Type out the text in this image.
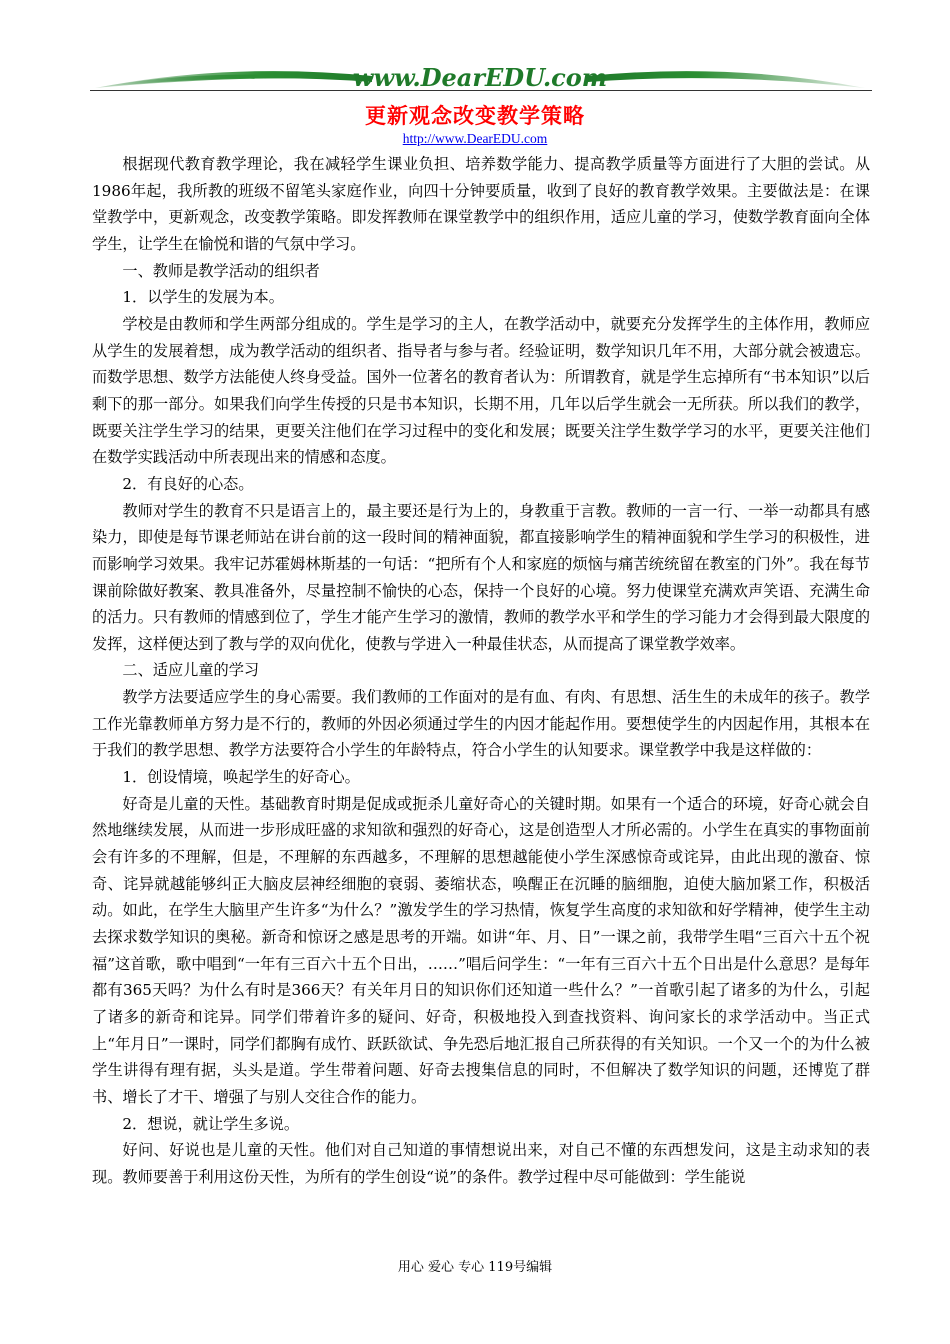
www.DearEDU.com
更新观念改变教学策略
http://www.DearEDU.com

根据现代教育教学理论，我在减轻学生课业负担、培养数学能力、提高教学质量等方面进行了大胆的尝试。从1986年起，我所教的班级不留笔头家庭作业，向四十分钟要质量，收到了良好的教育教学效果。主要做法是：在课堂教学中，更新观念，改变教学策略。即发挥教师在课堂教学中的组织作用，适应儿童的学习，使数学教育面向全体学生，让学生在愉悦和谐的气氛中学习。

一、教师是教学活动的组织者

1．以学生的发展为本。

学校是由教师和学生两部分组成的。学生是学习的主人，在教学活动中，就要充分发挥学生的主体作用，教师应从学生的发展着想，成为教学活动的组织者、指导者与参与者。经验证明，数学知识几年不用，大部分就会被遗忘。而数学思想、数学方法能使人终身受益。国外一位著名的教育者认为：所谓教育，就是学生忘掉所有“书本知识”以后剩下的那一部分。如果我们向学生传授的只是书本知识，长期不用，几年以后学生就会一无所获。所以我们的教学，既要关注学生学习的结果，更要关注他们在学习过程中的变化和发展；既要关注学生数学学习的水平，更要关注他们在数学实践活动中所表现出来的情感和态度。

2．有良好的心态。

教师对学生的教育不只是语言上的，最主要还是行为上的，身教重于言教。教师的一言一行、一举一动都具有感染力，即使是每节课老师站在讲台前的这一段时间的精神面貌，都直接影响学生的精神面貌和学生学习的积极性，进而影响学习效果。我牢记苏霍姆林斯基的一句话：“把所有个人和家庭的烦恼与痛苦统统留在教室的门外”。我在每节课前除做好教案、教具准备外，尽量控制不愉快的心态，保持一个良好的心境。努力使课堂充满欢声笑语、充满生命的活力。只有教师的情感到位了，学生才能产生学习的激情，教师的教学水平和学生的学习能力才会得到最大限度的发挥，这样便达到了教与学的双向优化，使教与学进入一种最佳状态，从而提高了课堂教学效率。

二、适应儿童的学习

教学方法要适应学生的身心需要。我们教师的工作面对的是有血、有肉、有思想、活生生的未成年的孩子。教学工作光靠教师单方努力是不行的，教师的外因必须通过学生的内因才能起作用。要想使学生的内因起作用，其根本在于我们的教学思想、教学方法要符合小学生的年龄特点，符合小学生的认知要求。课堂教学中我是这样做的：

1．创设情境，唤起学生的好奇心。

好奇是儿童的天性。基础教育时期是促成或扼杀儿童好奇心的关键时期。如果有一个适合的环境，好奇心就会自然地继续发展，从而进一步形成旺盛的求知欲和强烈的好奇心，这是创造型人才所必需的。小学生在真实的事物面前会有许多的不理解，但是，不理解的东西越多，不理解的思想越能使小学生深感惊奇或诧异，由此出现的激奋、惊奇、诧异就越能够纠正大脑皮层神经细胞的衰弱、萎缩状态，唤醒正在沉睡的脑细胞，迫使大脑加紧工作，积极活动。如此，在学生大脑里产生许多“为什么？”激发学生的学习热情，恢复学生高度的求知欲和好学精神，使学生主动去探求数学知识的奥秘。新奇和惊讶之感是思考的开端。如讲“年、月、日”一课之前，我带学生唱“三百六十五个祝福”这首歌，歌中唱到“一年有三百六十五个日出，……”唱后问学生：“一年有三百六十五个日出是什么意思？是每年都有365天吗？为什么有时是366天？有关年月日的知识你们还知道一些什么？”一首歌引起了诸多的为什么，引起了诸多的新奇和诧异。同学们带着许多的疑问、好奇，积极地投入到查找资料、询问家长的求学活动中。当正式上“年月日”一课时，同学们都胸有成竹、跃跃欲试、争先恐后地汇报自己所获得的有关知识。一个又一个的为什么被学生讲得有理有据，头头是道。学生带着问题、好奇去搜集信息的同时，不但解决了数学知识的问题，还博览了群书、增长了才干、增强了与别人交往合作的能力。

2．想说，就让学生多说。

好问、好说也是儿童的天性。他们对自己知道的事情想说出来，对自己不懂的东西想发问，这是主动求知的表现。教师要善于利用这份天性，为所有的学生创设“说”的条件。教学过程中尽可能做到：学生能说

用心 爱心 专心 119号编辑
